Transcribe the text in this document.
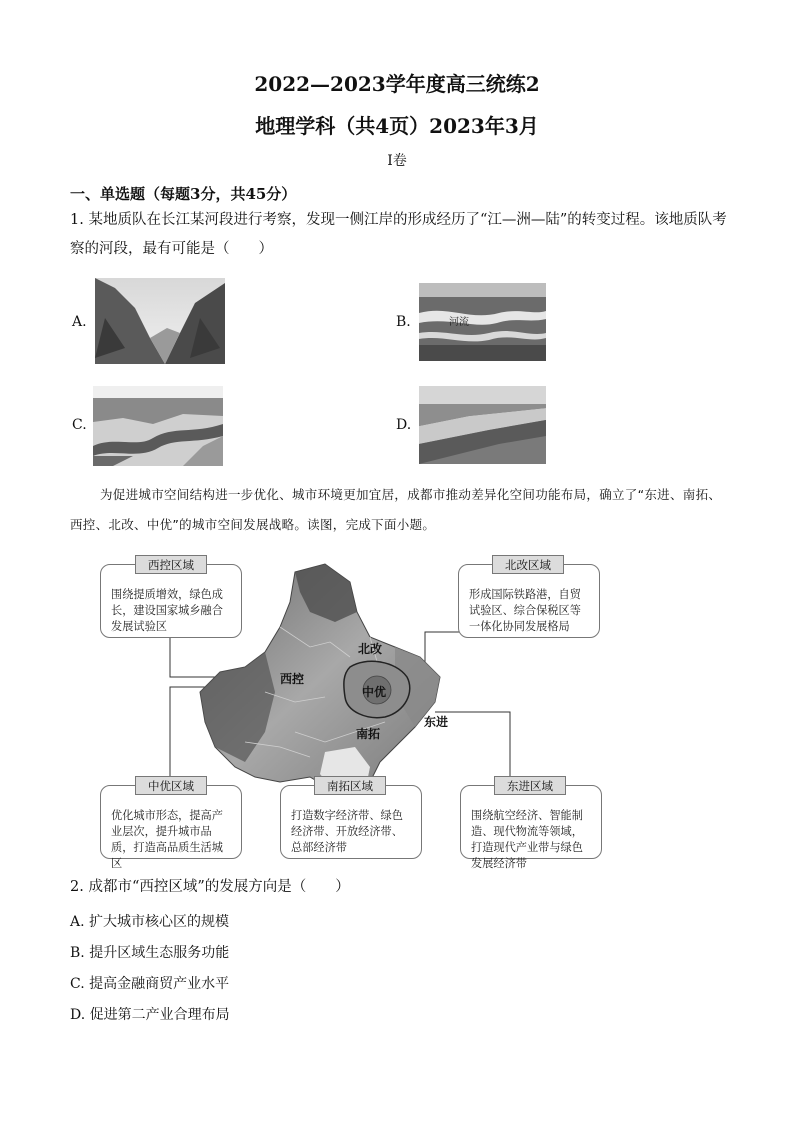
2022—2023学年度高三统练2
地理学科（共4页）2023年3月
Ⅰ卷
一、单选题（每题3分，共45分）
1. 某地质队在长江某河段进行考察，发现一侧江岸的形成经历了“江—洲—陆”的转变过程。该地质队考察的河段，最有可能是（　　）
A.	B.	河流
C.	D.
为促进城市空间结构进一步优化、城市环境更加宜居，成都市推动差异化空间功能布局，确立了“东进、南拓、西控、北改、中优”的城市空间发展战略。读图，完成下面小题。
北改
西控
中优
东进
南拓
围绕提质增效，绿色成长，建设国家城乡融合发展试验区
西控区域
形成国际铁路港，自贸试验区、综合保税区等一体化协同发展格局
北改区域
优化城市形态，提高产业层次，提升城市品质，打造高品质生活城区
中优区域
打造数字经济带、绿色经济带、开放经济带、总部经济带
南拓区域
围绕航空经济、智能制造、现代物流等领域，打造现代产业带与绿色发展经济带
东进区域
2. 成都市“西控区域”的发展方向是（　　）
A. 扩大城市核心区的规模
B. 提升区域生态服务功能
C. 提高金融商贸产业水平
D. 促进第二产业合理布局
